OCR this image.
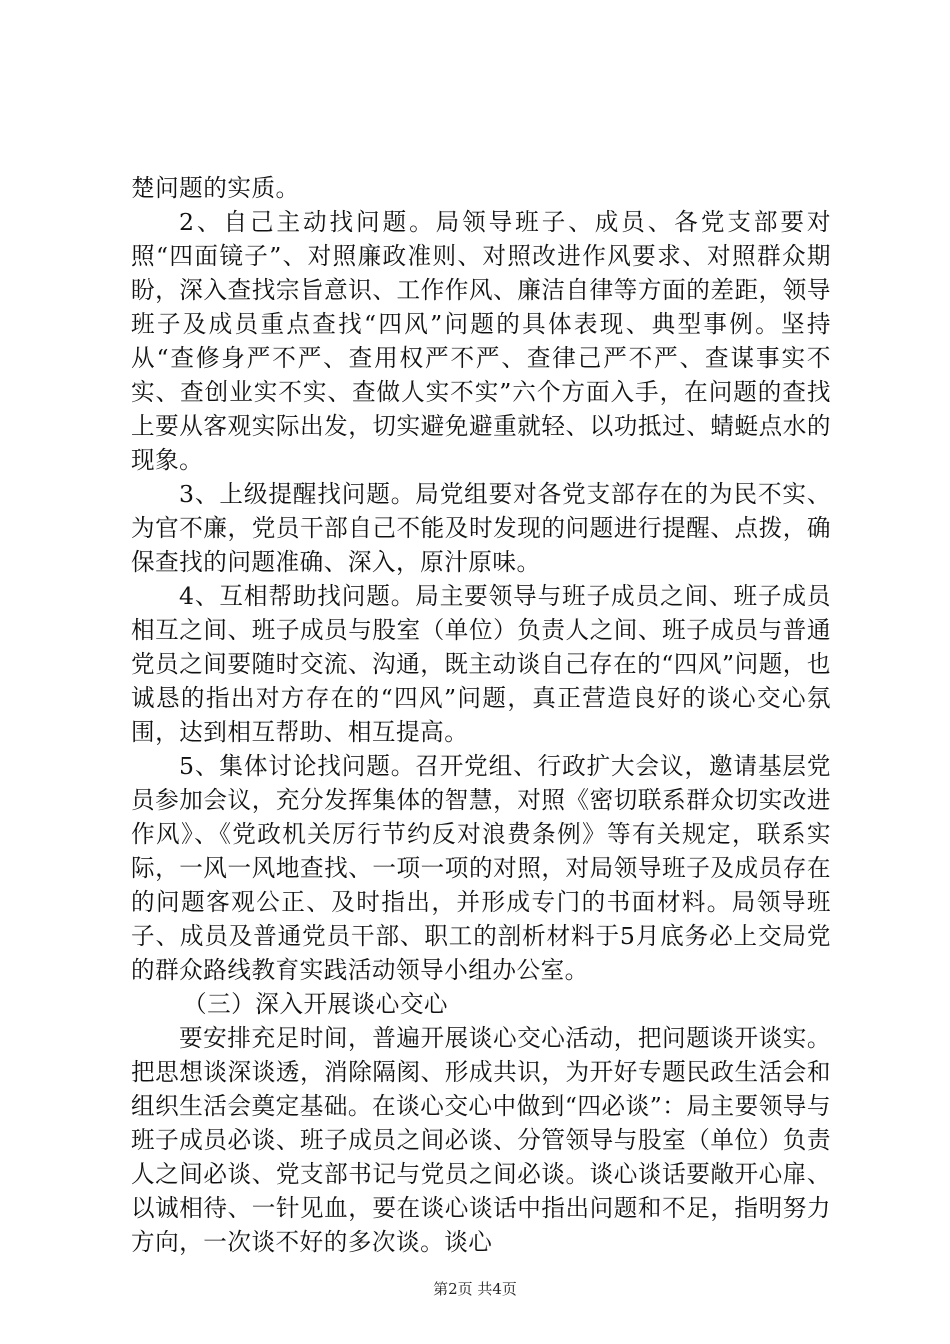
楚问题的实质。

2、自己主动找问题。局领导班子、成员、各党支部要对照“四面镜子”、对照廉政准则、对照改进作风要求、对照群众期盼，深入查找宗旨意识、工作作风、廉洁自律等方面的差距，领导班子及成员重点查找“四风”问题的具体表现、典型事例。坚持从“查修身严不严、查用权严不严、查律己严不严、查谋事实不实、查创业实不实、查做人实不实”六个方面入手，在问题的查找上要从客观实际出发，切实避免避重就轻、以功抵过、蜻蜓点水的现象。

3、上级提醒找问题。局党组要对各党支部存在的为民不实、为官不廉，党员干部自己不能及时发现的问题进行提醒、点拨，确保查找的问题准确、深入，原汁原味。

4、互相帮助找问题。局主要领导与班子成员之间、班子成员相互之间、班子成员与股室（单位）负责人之间、班子成员与普通党员之间要随时交流、沟通，既主动谈自己存在的“四风”问题，也诚恳的指出对方存在的“四风”问题，真正营造良好的谈心交心氛围，达到相互帮助、相互提高。

5、集体讨论找问题。召开党组、行政扩大会议，邀请基层党员参加会议，充分发挥集体的智慧，对照《密切联系群众切实改进作风》、《党政机关厉行节约反对浪费条例》等有关规定，联系实际，一风一风地查找、一项一项的对照，对局领导班子及成员存在的问题客观公正、及时指出，并形成专门的书面材料。局领导班子、成员及普通党员干部、职工的剖析材料于5月底务必上交局党的群众路线教育实践活动领导小组办公室。

（三）深入开展谈心交心

要安排充足时间，普遍开展谈心交心活动，把问题谈开谈实。把思想谈深谈透，消除隔阂、形成共识，为开好专题民政生活会和组织生活会奠定基础。在谈心交心中做到“四必谈”：局主要领导与班子成员必谈、班子成员之间必谈、分管领导与股室（单位）负责人之间必谈、党支部书记与党员之间必谈。谈心谈话要敞开心扉、以诚相待、一针见血，要在谈心谈话中指出问题和不足，指明努力方向，一次谈不好的多次谈。谈心

第2页 共4页
